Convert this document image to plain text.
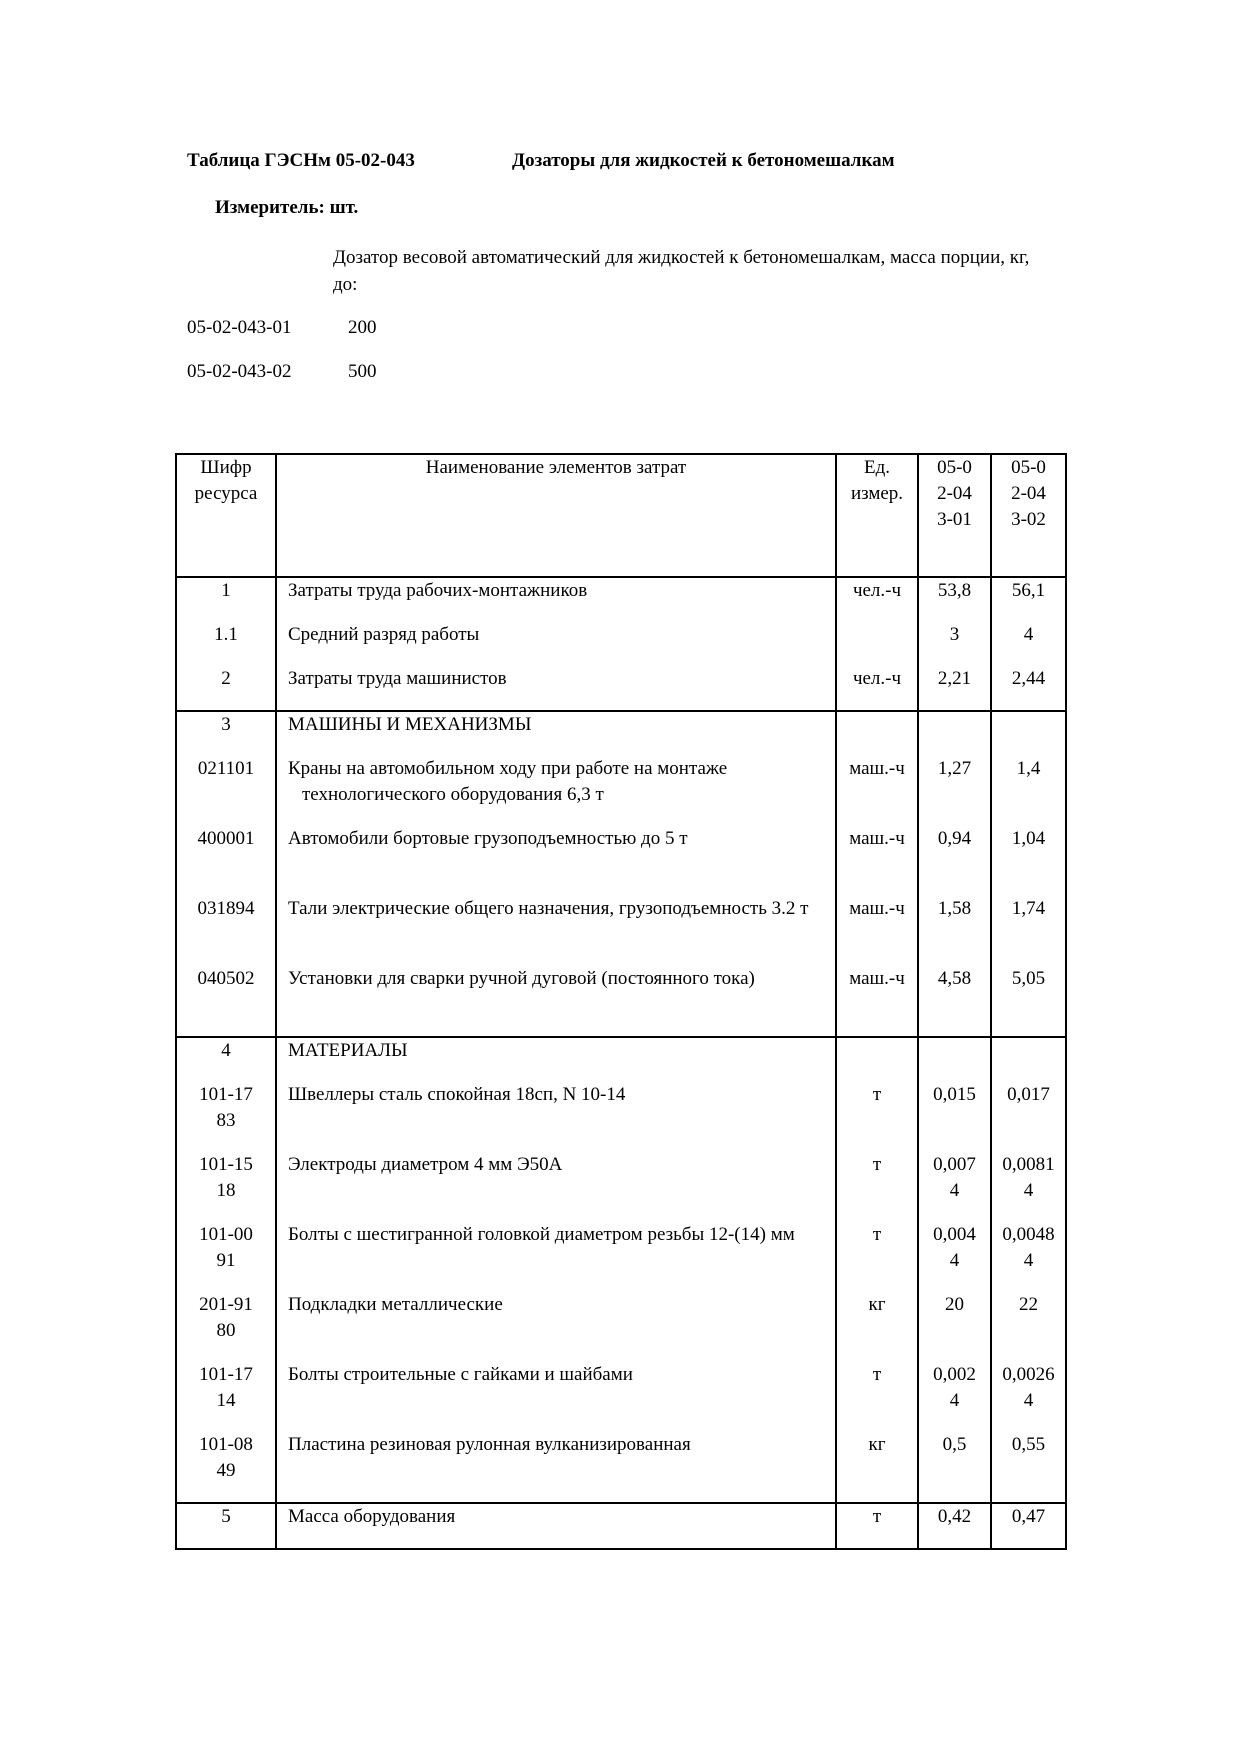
Таблица ГЭСНм 05-02-043	Дозаторы для жидкостей к бетономешалкам
Измеритель: шт.
Дозатор весовой автоматический для жидкостей к бетономешалкам, масса порции, кг, до:
05-02-043-01	200
05-02-043-02	500
Шифр ресурса	Наименование элементов затрат	Ед. измер.	05-02-043-01	05-02-043-02

1	Затраты труда рабочих-монтажников	чел.-ч	53,8	56,1

1.1	Средний разряд работы		3	4

2	Затраты труда машинистов	чел.-ч	2,21	2,44

3	МАШИНЫ И МЕХАНИЗМЫ			

021101	Краны на автомобильном ходу при работе на монтаже технологического оборудования 6,3 т	маш.-ч	1,27	1,4

400001	Автомобили бортовые грузоподъемностью до 5 т	маш.-ч	0,94	1,04

031894	Тали электрические общего назначения, грузоподъемность 3.2 т	маш.-ч	1,58	1,74

040502	Установки для сварки ручной дуговой (постоянного тока)	маш.-ч	4,58	5,05

4	МАТЕРИАЛЫ			

101-1783	Швеллеры сталь спокойная 18сп, N 10-14	т	0,015	0,017

101-1518	Электроды диаметром 4 мм Э50А	т	0,0074	0,00814

101-0091	Болты с шестигранной головкой диаметром резьбы 12-(14) мм	т	0,0044	0,00484

201-9180	Подкладки металлические	кг	20	22

101-1714	Болты строительные с гайками и шайбами	т	0,0024	0,00264

101-0849	Пластина резиновая рулонная вулканизированная	кг	0,5	0,55

5	Масса оборудования	т	0,42	0,47
